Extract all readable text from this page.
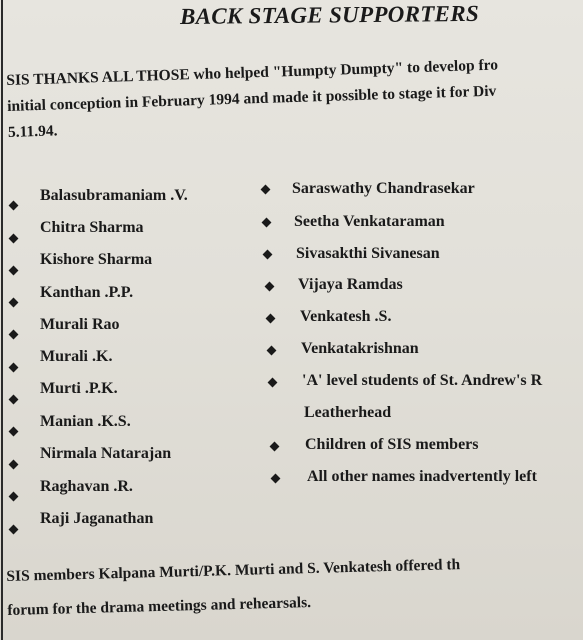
BACK STAGE SUPPORTERS
SIS THANKS ALL THOSE who helped "Humpty Dumpty" to develop fro
initial conception in February 1994 and made it possible to stage it for Div
5.11.94.
Balasubramaniam .V.
Chitra Sharma
Kishore Sharma
Kanthan .P.P.
Murali Rao
Murali .K.
Murti .P.K.
Manian .K.S.
Nirmala Natarajan
Raghavan .R.
Raji Jaganathan
Saraswathy Chandrasekar
Seetha Venkataraman
Sivasakthi Sivanesan
Vijaya Ramdas
Venkatesh .S.
Venkatakrishnan
'A' level students of St. Andrew's R
Leatherhead
Children of SIS members
All other names inadvertently left
SIS members Kalpana Murti/P.K. Murti and S. Venkatesh offered th
forum for the drama meetings and rehearsals.
